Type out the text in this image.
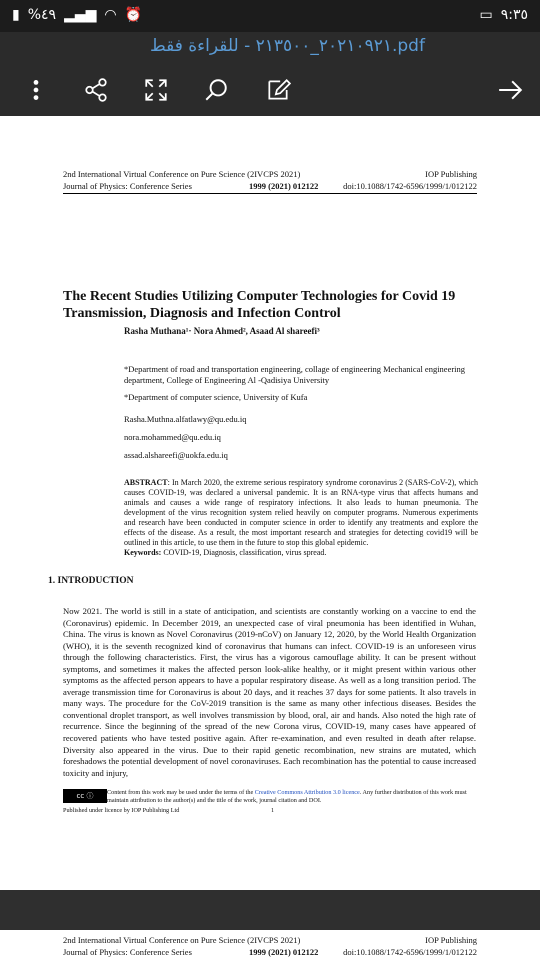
▮ %٤٩ ▂▄▆ ◠ ⏰	▭ ٩:٣٥
pdf.٢٠٢١٠٩٢١_٢١٣٥٠٠ - للقراءة فقط
2nd International Virtual Conference on Pure Science (2IVCPS 2021)	IOP Publishing
Journal of Physics: Conference Series	1999 (2021) 012122	doi:10.1088/1742-6596/1999/1/012122
The Recent Studies Utilizing Computer Technologies for Covid 19 Transmission, Diagnosis and Infection Control
Rasha Muthana¹· Nora Ahmed², Asaad Al shareefi³
*Department of road and transportation engineering, collage of engineering Mechanical engineering department, College of Engineering Al -Qadisiya University
*Department of computer science, University of Kufa
Rasha.Muthna.alfatlawy@qu.edu.iq
nora.mohammed@qu.edu.iq
assad.alshareefi@uokfa.edu.iq
ABSTRACT: In March 2020, the extreme serious respiratory syndrome coronavirus 2 (SARS-CoV-2), which causes COVID-19, was declared a universal pandemic. It is an RNA-type virus that affects humans and animals and causes a wide range of respiratory infections. It also leads to human pneumonia. The development of the virus recognition system relied heavily on computer programs. Numerous experiments and research have been conducted in computer science in order to identify any treatments and explore the effects of the disease. As a result, the most important research and strategies for detecting covid19 will be outlined in this article, to use them in the future to stop this global epidemic.
Keywords: COVID-19, Diagnosis, classification, virus spread.
1. INTRODUCTION
Now 2021. The world is still in a state of anticipation, and scientists are constantly working on a vaccine to end the (Coronavirus) epidemic. In December 2019, an unexpected case of viral pneumonia has been identified in Wuhan, China. The virus is known as Novel Coronavirus (2019-nCoV) on January 12, 2020, by the World Health Organization (WHO), it is the seventh recognized kind of coronavirus that humans can infect. COVID-19 is an unforeseen virus through the following characteristics. First, the virus has a vigorous camouflage ability. It can be present without symptoms, and sometimes it makes the affected person look-alike healthy, or it might present within various other symptoms as the affected person appears to have a popular respiratory disease. As well as a long transition period. The average transmission time for Coronavirus is about 20 days, and it reaches 37 days for some patients. It also travels in many ways. The procedure for the CoV-2019 transition is the same as many other infectious diseases. Besides the conventional droplet transport, as well involves transmission by blood, oral, air and hands. Also noted the high rate of recurrence. Since the beginning of the spread of the new Corona virus, COVID-19, many cases have appeared of recovered patients who have tested positive again. After re-examination, and even resulted in death after relapse. Diversity also appeared in the virus. Due to their rapid genetic recombination, new strains are mutated, which foreshadows the potential development of novel coronaviruses. Each recombination has the potential to cause increased toxicity and injury,
cc ⓘ	Content from this work may be used under the terms of the Creative Commons Attribution 3.0 licence. Any further distribution of this work must maintain attribution to the author(s) and the title of the work, journal citation and DOI.
Published under licence by IOP Publishing Ltd	1
2nd International Virtual Conference on Pure Science (2IVCPS 2021)	IOP Publishing
Journal of Physics: Conference Series	1999 (2021) 012122	doi:10.1088/1742-6596/1999/1/012122
